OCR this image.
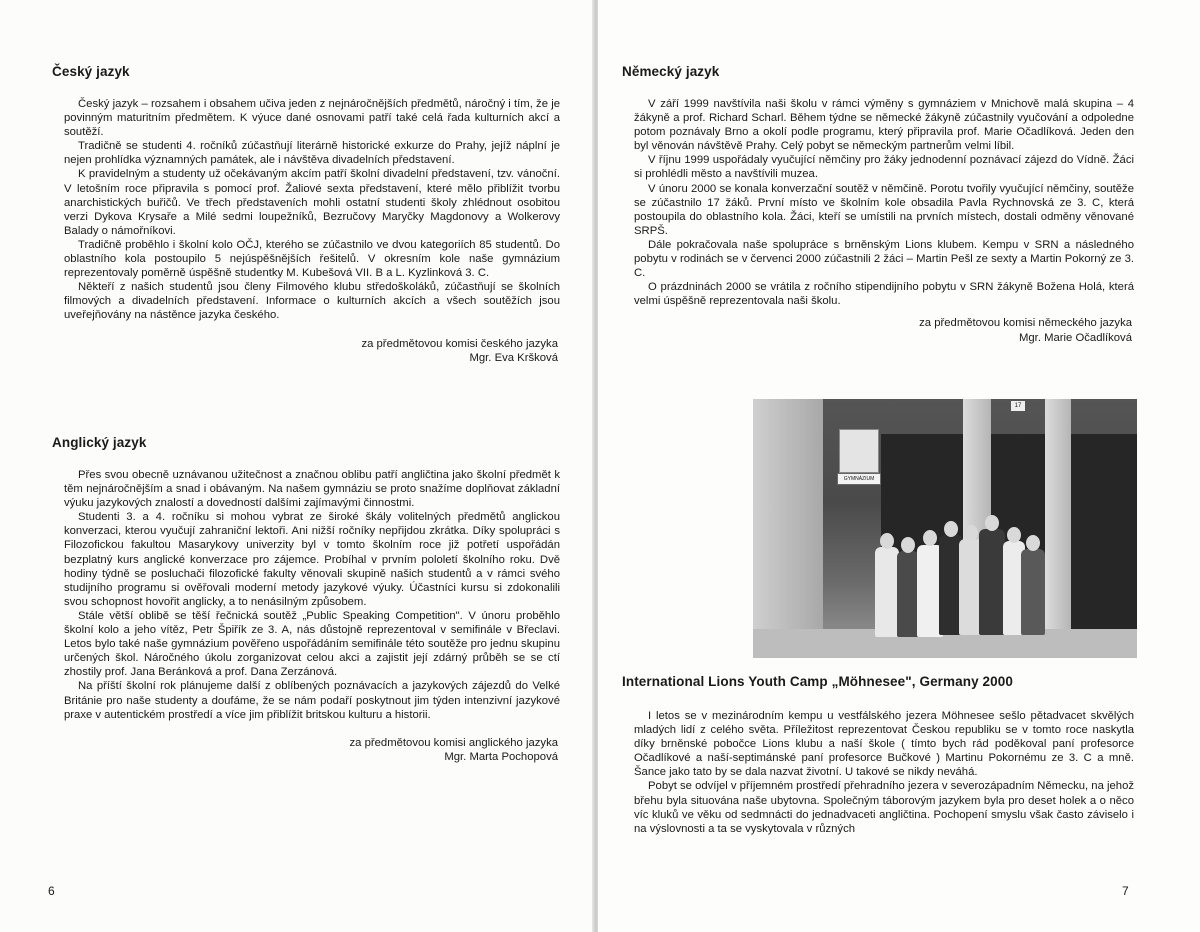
Český jazyk

Český jazyk – rozsahem i obsahem učiva jeden z nejnáročnějších předmětů, náročný i tím, že je povinným maturitním předmětem. K výuce dané osnovami patří také celá řada kulturních akcí a soutěží.

Tradičně se studenti 4. ročníků zúčastňují literárně historické exkurze do Prahy, jejíž náplní je nejen prohlídka významných památek, ale i návštěva divadelních představení.

K pravidelným a studenty už očekávaným akcím patří školní divadelní představení, tzv. vánoční. V letošním roce připravila s pomocí prof. Žaliové sexta představení, které mělo přiblížit tvorbu anarchistických buřičů. Ve třech představeních mohli ostatní studenti školy zhlédnout osobitou verzi Dykova Krysaře a Milé sedmi loupežníků, Bezručovy Maryčky Magdonovy a Wolkerovy Balady o námořníkovi.

Tradičně proběhlo i školní kolo OČJ, kterého se zúčastnilo ve dvou kategoriích 85 studentů. Do oblastního kola postoupilo 5 nejúspěšnějších řešitelů. V okresním kole naše gymnázium reprezentovaly poměrně úspěšně studentky M. Kubešová VII. B a L. Kyzlinková 3. C.

Někteří z našich studentů jsou členy Filmového klubu středoškoláků, zúčastňují se školních filmových a divadelních představení. Informace o kulturních akcích a všech soutěžích jsou uveřejňovány na nástěnce jazyka českého.

za předmětovou komisi českého jazyka
Mgr. Eva Kršková
Anglický jazyk

Přes svou obecně uznávanou užitečnost a značnou oblibu patří angličtina jako školní předmět k těm nejnáročnějším a snad i obávaným. Na našem gymnáziu se proto snažíme doplňovat základní výuku jazykových znalostí a dovedností dalšími zajímavými činnostmi.

Studenti 3. a 4. ročníku si mohou vybrat ze široké škály volitelných předmětů anglickou konverzaci, kterou vyučují zahraniční lektoři. Ani nižší ročníky nepřijdou zkrátka. Díky spolupráci s Filozofickou fakultou Masarykovy univerzity byl v tomto školním roce již potřetí uspořádán bezplatný kurs anglické konverzace pro zájemce. Probíhal v prvním pololetí školního roku. Dvě hodiny týdně se posluchači filozofické fakulty věnovali skupině našich studentů a v rámci svého studijního programu si ověřovali moderní metody jazykové výuky. Účastníci kursu si zdokonalili svou schopnost hovořit anglicky, a to nenásilným způsobem.

Stále větší oblibě se těší řečnická soutěž „Public Speaking Competition". V únoru proběhlo školní kolo a jeho vítěz, Petr Špiřík ze 3. A, nás důstojně reprezentoval v semifinále v Břeclavi. Letos bylo také naše gymnázium pověřeno uspořádáním semifinále této soutěže pro jednu skupinu určených škol. Náročného úkolu zorganizovat celou akci a zajistit její zdárný průběh se se ctí zhostily prof. Jana Beránková a prof. Dana Zerzánová.

Na příští školní rok plánujeme další z oblíbených poznávacích a jazykových zájezdů do Velké Británie pro naše studenty a doufáme, že se nám podaří poskytnout jim týden intenzivní jazykové praxe v autentickém prostředí a více jim přiblížit britskou kulturu a historii.

za předmětovou komisi anglického jazyka
Mgr. Marta Pochopová
6
Německý jazyk

V září 1999 navštívila naši školu v rámci výměny s gymnáziem v Mnichově malá skupina – 4 žákyně a prof. Richard Scharl. Během týdne se německé žákyně zúčastnily vyučování a odpoledne potom poznávaly Brno a okolí podle programu, který připravila prof. Marie Očadlíková. Jeden den byl věnován návštěvě Prahy. Celý pobyt se německým partnerům velmi líbil.

V říjnu 1999 uspořádaly vyučující němčiny pro žáky jednodenní poznávací zájezd do Vídně. Žáci si prohlédli město a navštívili muzea.

V únoru 2000 se konala konverzační soutěž v němčině. Porotu tvořily vyučující němčiny, soutěže se zúčastnilo 17 žáků. První místo ve školním kole obsadila Pavla Rychnovská ze 3. C, která postoupila do oblastního kola. Žáci, kteří se umístili na prvních místech, dostali odměny věnované SRPŠ.

Dále pokračovala naše spolupráce s brněnským Lions klubem. Kempu v SRN a následného pobytu v rodinách se v červenci 2000 zúčastnili 2 žáci – Martin Pešl ze sexty a Martin Pokorný ze 3. C.

O prázdninách 2000 se vrátila z ročního stipendijního pobytu v SRN žákyně Božena Holá, která velmi úspěšně reprezentovala naši školu.

za předmětovou komisi německého jazyka
Mgr. Marie Očadlíková
GYMNÁZIUM
17
International Lions Youth Camp „Möhnesee", Germany 2000

I letos se v mezinárodním kempu u vestfálského jezera Möhnesee sešlo pětadvacet skvělých mladých lidí z celého světa. Příležitost reprezentovat Českou republiku se v tomto roce naskytla díky brněnské pobočce Lions klubu a naší škole ( tímto bych rád poděkoval paní profesorce Očadlíkové a naší-septimánské paní profesorce Bučkové ) Martinu Pokornému ze 3. C a mně. Šance jako tato by se dala nazvat životní. U takové se nikdy neváhá.

Pobyt se odvíjel v příjemném prostředí přehradního jezera v severozápadním Německu, na jehož břehu byla situována naše ubytovna. Společným táborovým jazykem byla pro deset holek a o něco víc kluků ve věku od sedmnácti do jednadvaceti angličtina. Pochopení smyslu však často záviselo i na výslovnosti a ta se vyskytovala v různých

7
